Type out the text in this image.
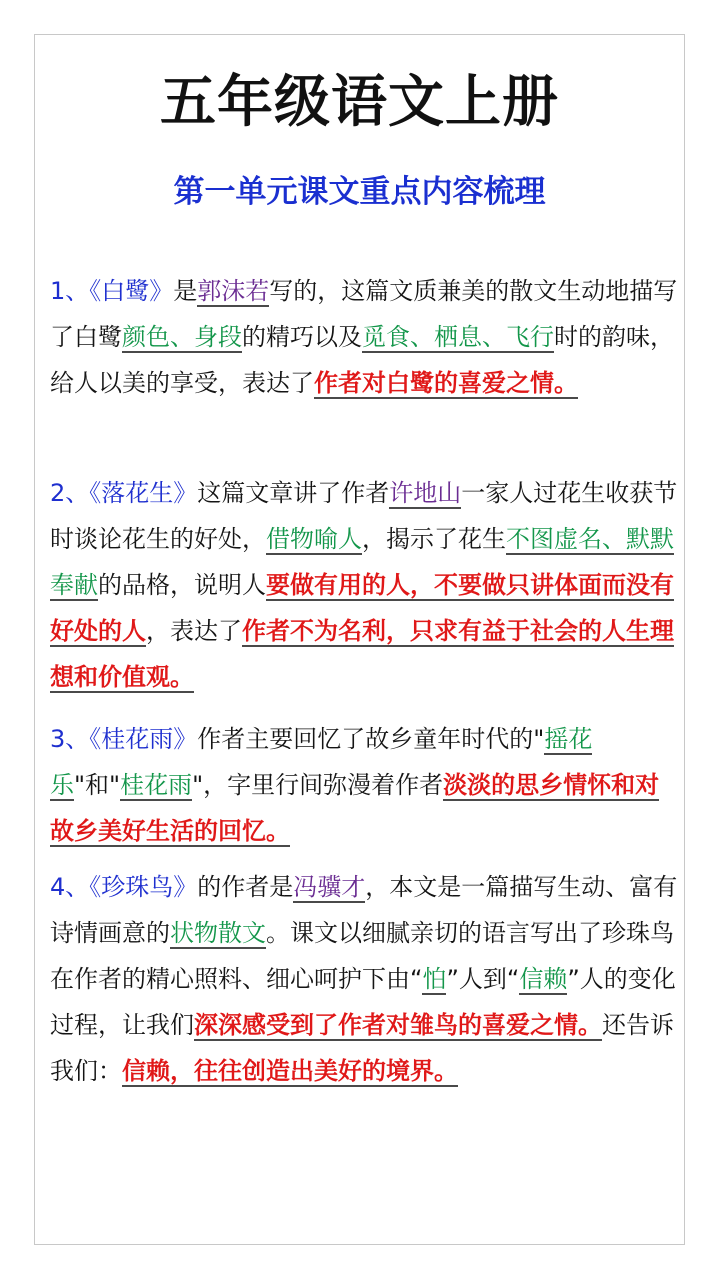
五年级语文上册
第一单元课文重点内容梳理
1、《白鹭》是郭沫若写的，这篇文质兼美的散文生动地描写了白鹭颜色、身段的精巧以及觅食、栖息、飞行时的韵味，给人以美的享受，表达了作者对白鹭的喜爱之情。
2、《落花生》这篇文章讲了作者许地山一家人过花生收获节时谈论花生的好处，借物喻人，揭示了花生不图虚名、默默奉献的品格，说明人要做有用的人，不要做只讲体面而没有好处的人，表达了作者不为名利，只求有益于社会的人生理想和价值观。
3、《桂花雨》作者主要回忆了故乡童年时代的"摇花乐"和"桂花雨"，字里行间弥漫着作者淡淡的思乡情怀和对故乡美好生活的回忆。
4、《珍珠鸟》的作者是冯骥才，本文是一篇描写生动、富有诗情画意的状物散文。课文以细腻亲切的语言写出了珍珠鸟在作者的精心照料、细心呵护下由“怕”人到“信赖”人的变化过程，让我们深深感受到了作者对雏鸟的喜爱之情。还告诉我们：信赖，往往创造出美好的境界。
